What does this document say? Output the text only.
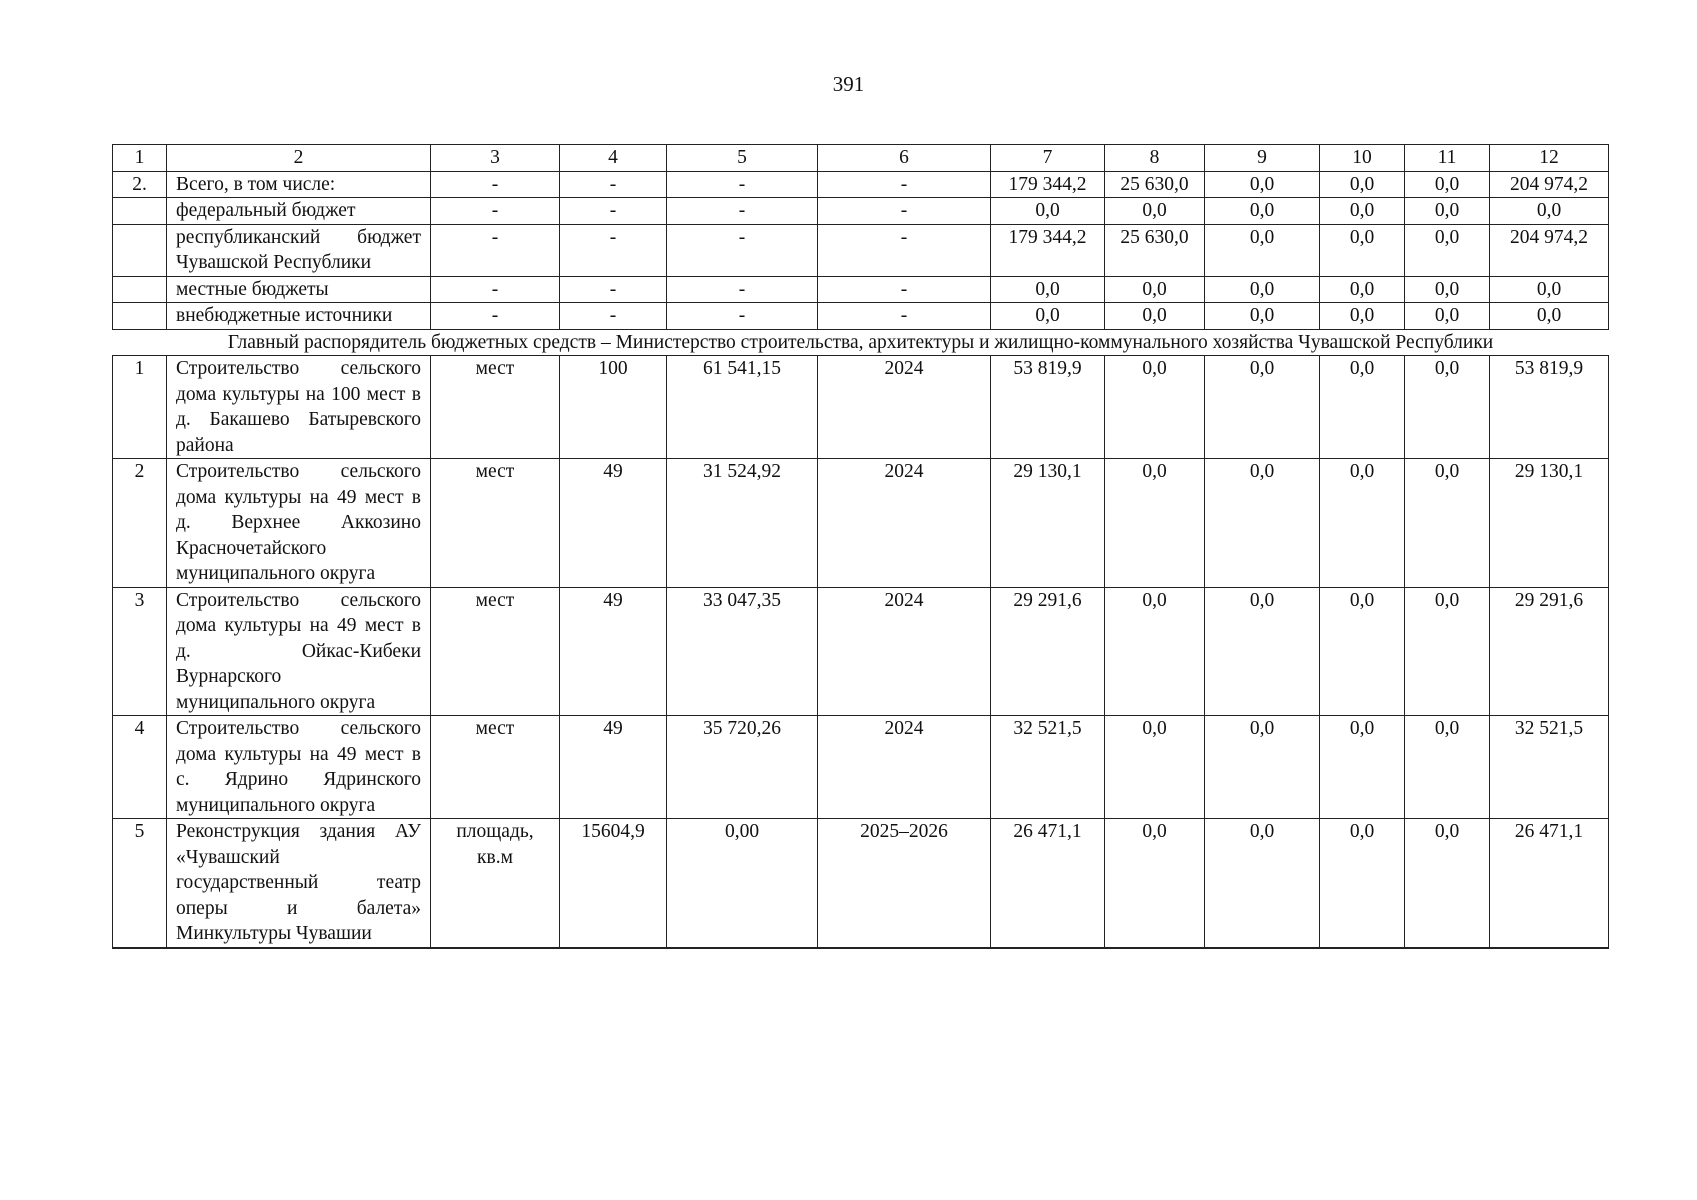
391
1	2	3	4	5	6	7	8	9	10	11	12
2.	Всего, в том числе:	-	-	-	-	179 344,2	25 630,0	0,0	0,0	0,0	204 974,2
	федеральный бюджет	-	-	-	-	0,0	0,0	0,0	0,0	0,0	0,0
	республиканский бюджет Чувашской Республики	-	-	-	-	179 344,2	25 630,0	0,0	0,0	0,0	204 974,2
	местные бюджеты	-	-	-	-	0,0	0,0	0,0	0,0	0,0	0,0
	внебюджетные источники	-	-	-	-	0,0	0,0	0,0	0,0	0,0	0,0
Главный распорядитель бюджетных средств – Министерство строительства, архитектуры и жилищно-коммунального хозяйства Чувашской Республики											
1	Строительство сельского дома культуры на 100 мест в д. Бакашево Батыревского района	мест	100	61 541,15	2024	53 819,9	0,0	0,0	0,0	0,0	53 819,9
2	Строительство сельского дома культуры на 49 мест в д. Верхнее Аккозино Красночетайского муниципального округа	мест	49	31 524,92	2024	29 130,1	0,0	0,0	0,0	0,0	29 130,1
3	Строительство сельского дома культуры на 49 мест в д. Ойкас-Кибеки Вурнарского муниципального округа	мест	49	33 047,35	2024	29 291,6	0,0	0,0	0,0	0,0	29 291,6
4	Строительство сельского дома культуры на 49 мест в с. Ядрино Ядринского муниципального округа	мест	49	35 720,26	2024	32 521,5	0,0	0,0	0,0	0,0	32 521,5
5	Реконструкция здания АУ «Чувашский государственный театр оперы и балета» Минкультуры Чувашии	площадь, кв.м	15604,9	0,00	2025–2026	26 471,1	0,0	0,0	0,0	0,0	26 471,1
